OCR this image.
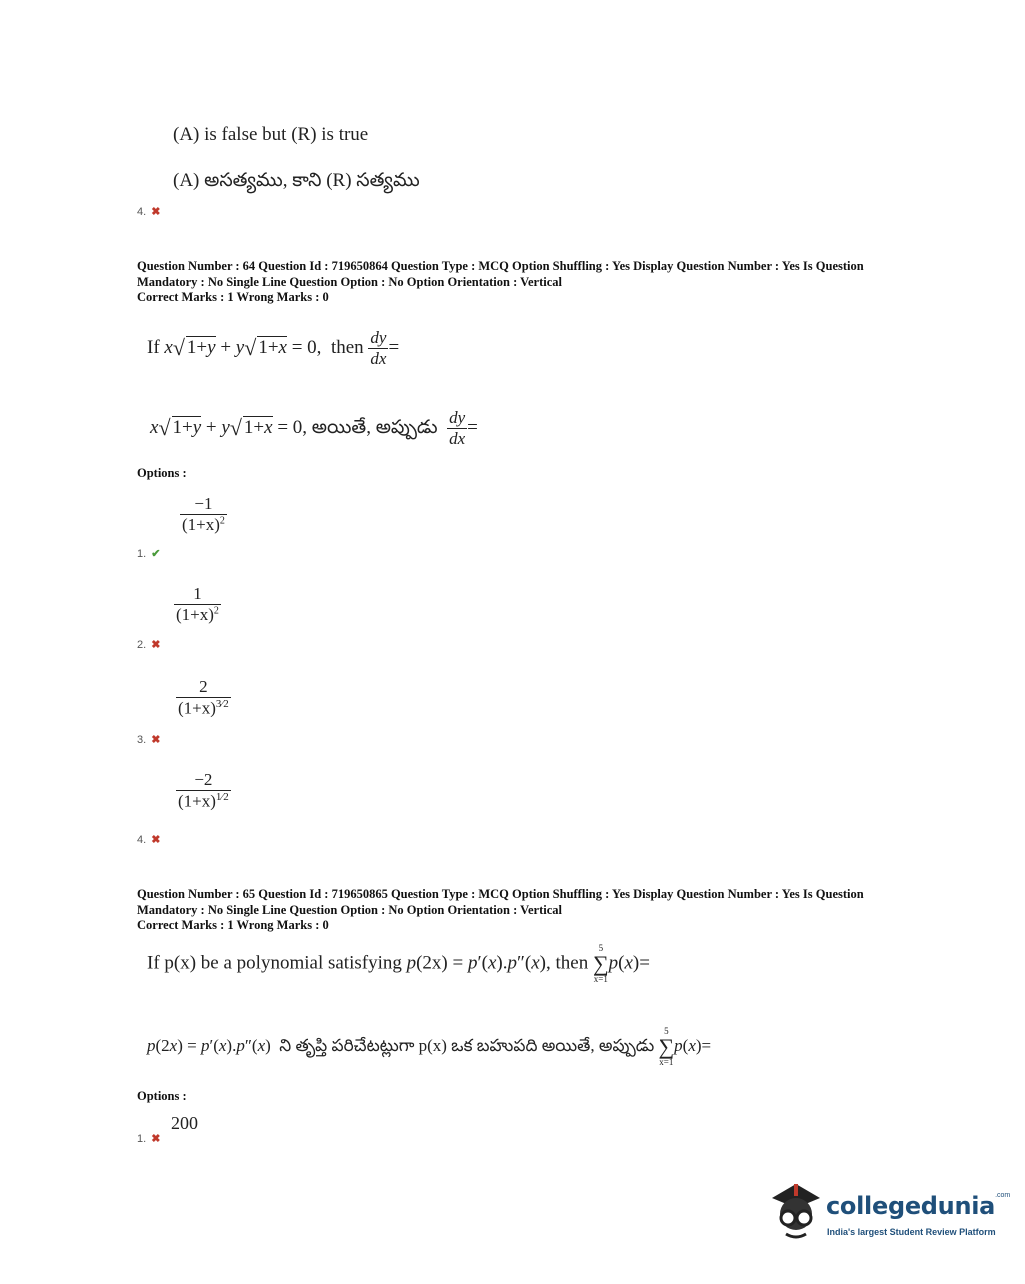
(A) is false but (R) is true
(A) అసత్యము, కాని (R) సత్యము
4. ✖
Question Number : 64 Question Id : 719650864 Question Type : MCQ Option Shuffling : Yes Display Question Number : Yes Is Question
Mandatory : No Single Line Question Option : No Option Orientation : Vertical
Correct Marks : 1 Wrong Marks : 0
If x√ 1+y + y√ 1+x = 0,  then $\frac{dy}{dx}$ =
x√ 1+y + y√ 1+x = 0, అయితే, అప్పుడు $\frac{dy}{dx}$ =
Options :
$\frac{-1}{(1+x)^2}$
1. ✔
$\frac{1}{(1+x)^2}$
2. ✖
$\frac{2}{(1+x)^{3⁄2}}$
3. ✖
$\frac{-2}{(1+x)^{1⁄2}}$
4. ✖
Question Number : 65 Question Id : 719650865 Question Type : MCQ Option Shuffling : Yes Display Question Number : Yes Is Question
Mandatory : No Single Line Question Option : No Option Orientation : Vertical
Correct Marks : 1 Wrong Marks : 0
If p(x) be a polynomial satisfying p(2x) = p′(x).p″(x), then
5
∑
x=1
p(x)=
p(2x) = p′(x).p″(x)  ని తృప్తి పరిచేటట్లుగా p(x) ఒక బహుపది అయితే, అప్పుడు
5
∑
x=1
p(x)=
Options :
200
1. ✖
collegedunia$^{.com}$
India's largest Student Review Platform
